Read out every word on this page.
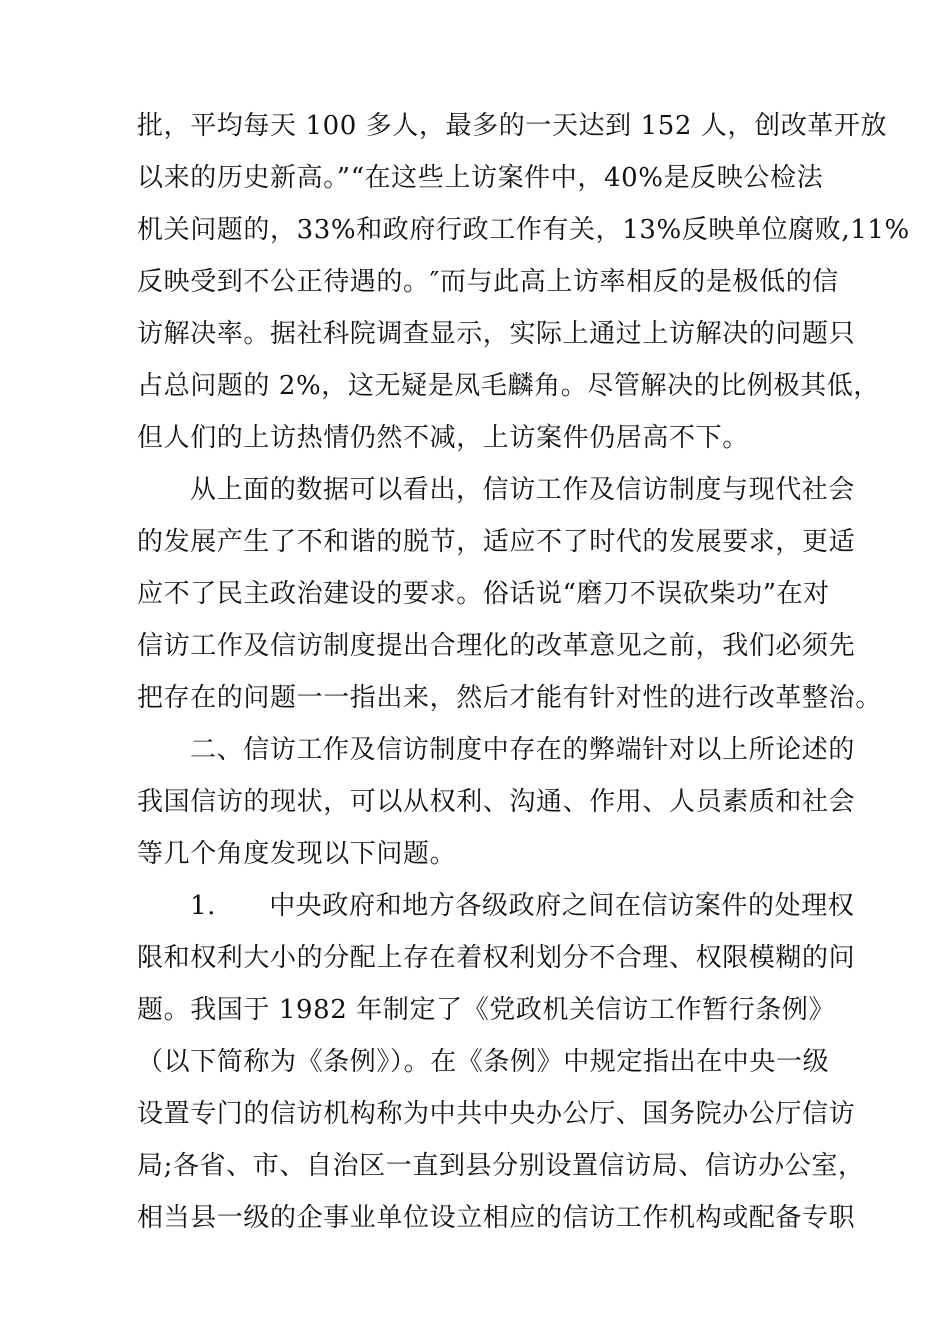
批，平均每天 100 多人，最多的一天达到 152 人，创改革开放
以来的历史新高。”“在这些上访案件中，40%是反映公检法
机关问题的，33%和政府行政工作有关，13%反映单位腐败,11%
反映受到不公正待遇的。″而与此高上访率相反的是极低的信
访解决率。据社科院调查显示，实际上通过上访解决的问题只
占总问题的 2%，这无疑是凤毛麟角。尽管解决的比例极其低，
但人们的上访热情仍然不减，上访案件仍居高不下。
从上面的数据可以看出，信访工作及信访制度与现代社会
的发展产生了不和谐的脱节，适应不了时代的发展要求，更适
应不了民主政治建设的要求。俗话说“磨刀不误砍柴功”在对
信访工作及信访制度提出合理化的改革意见之前，我们必须先
把存在的问题一一指出来，然后才能有针对性的进行改革整治。
二、信访工作及信访制度中存在的弊端针对以上所论述的
我国信访的现状，可以从权利、沟通、作用、人员素质和社会
等几个角度发现以下问题。
1.      中央政府和地方各级政府之间在信访案件的处理权
限和权利大小的分配上存在着权利划分不合理、权限模糊的问
题。我国于 1982 年制定了《党政机关信访工作暂行条例》
（以下简称为《条例》）。在《条例》中规定指出在中央一级
设置专门的信访机构称为中共中央办公厅、国务院办公厅信访
局;各省、市、自治区一直到县分别设置信访局、信访办公室，
相当县一级的企事业单位设立相应的信访工作机构或配备专职
